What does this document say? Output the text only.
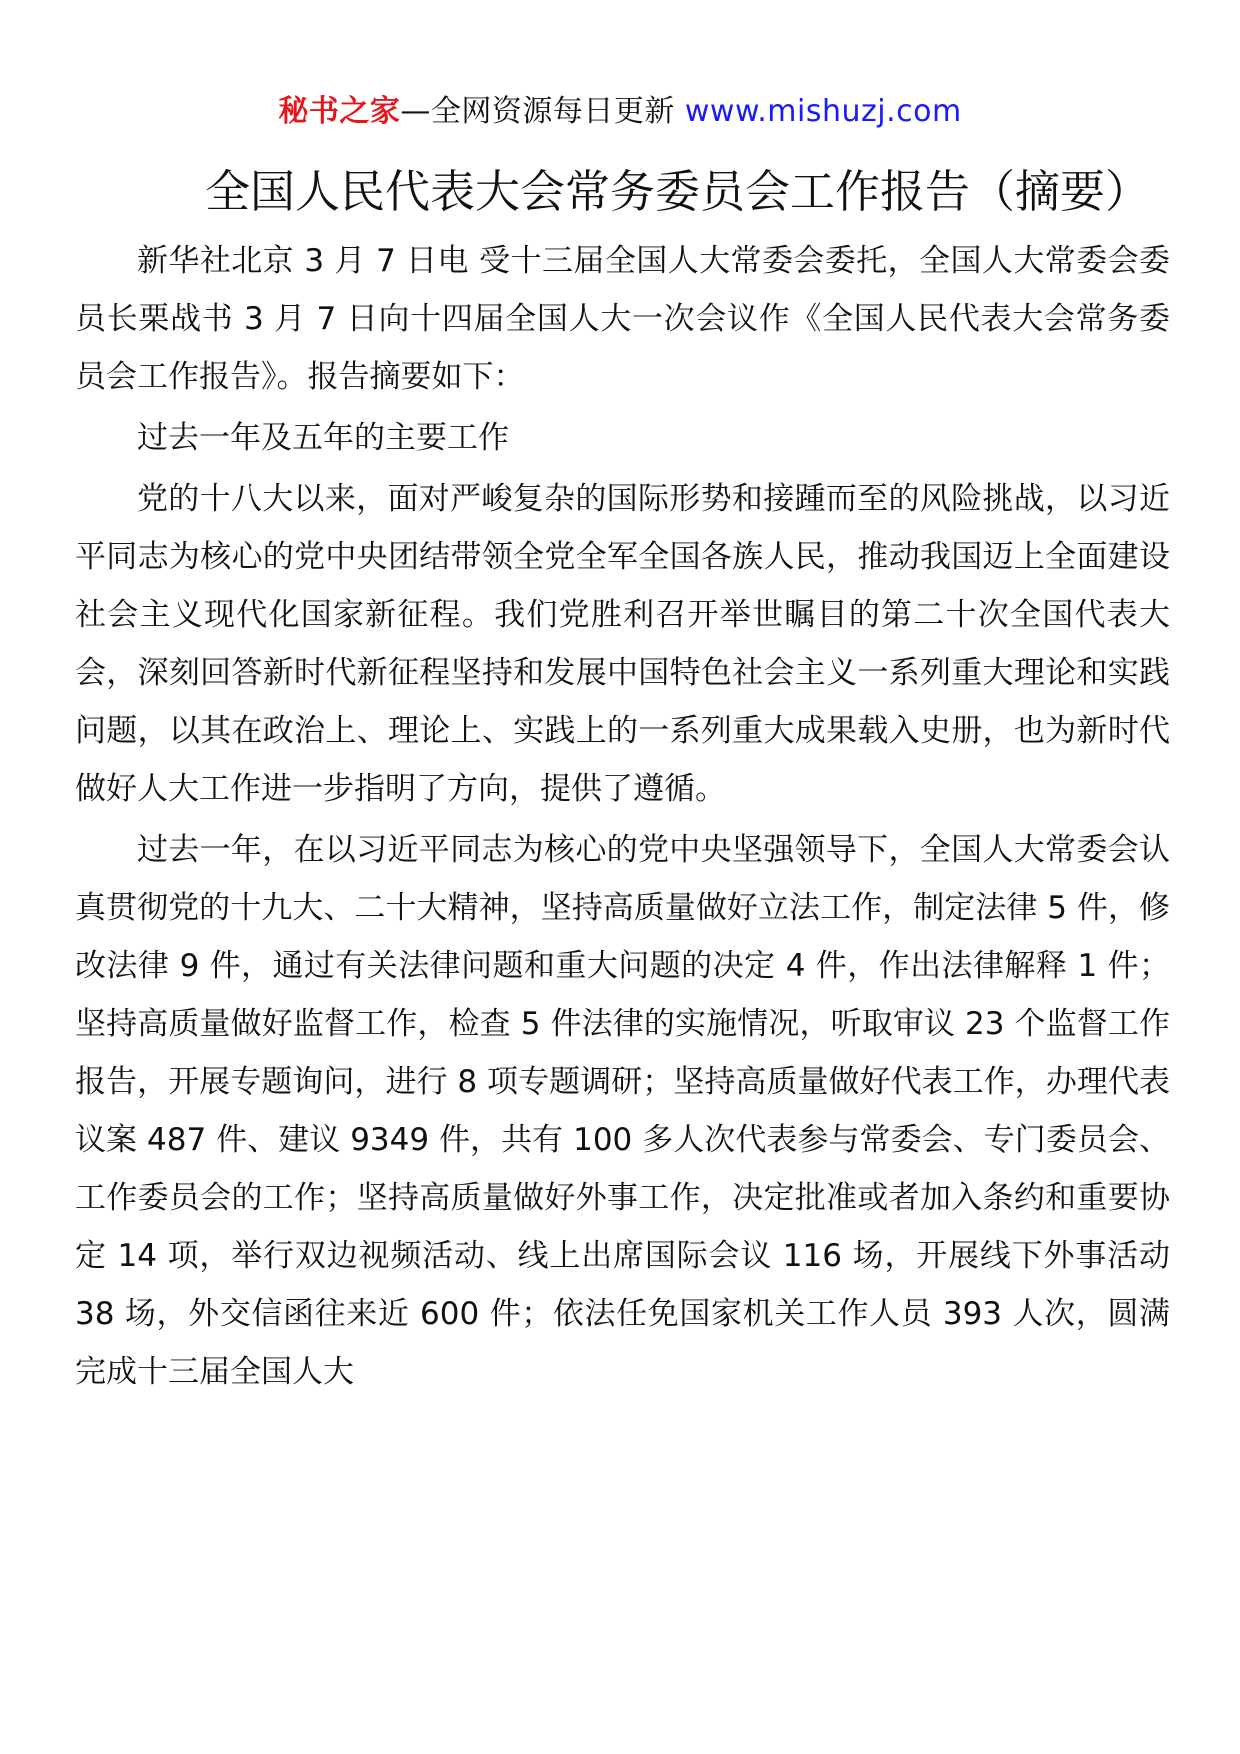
秘书之家—全网资源每日更新 www.mishuzj.com
全国人民代表大会常务委员会工作报告（摘要）

新华社北京 3 月 7 日电 受十三届全国人大常委会委托，全国人大常委会委员长栗战书 3 月 7 日向十四届全国人大一次会议作《全国人民代表大会常务委员会工作报告》。报告摘要如下：

过去一年及五年的主要工作

党的十八大以来，面对严峻复杂的国际形势和接踵而至的风险挑战，以习近平同志为核心的党中央团结带领全党全军全国各族人民，推动我国迈上全面建设社会主义现代化国家新征程。我们党胜利召开举世瞩目的第二十次全国代表大会，深刻回答新时代新征程坚持和发展中国特色社会主义一系列重大理论和实践问题，以其在政治上、理论上、实践上的一系列重大成果载入史册，也为新时代做好人大工作进一步指明了方向，提供了遵循。

过去一年，在以习近平同志为核心的党中央坚强领导下，全国人大常委会认真贯彻党的十九大、二十大精神，坚持高质量做好立法工作，制定法律 5 件，修改法律 9 件，通过有关法律问题和重大问题的决定 4 件，作出法律解释 1 件；坚持高质量做好监督工作，检查 5 件法律的实施情况，听取审议 23 个监督工作报告，开展专题询问，进行 8 项专题调研；坚持高质量做好代表工作，办理代表议案 487 件、建议 9349 件，共有 100 多人次代表参与常委会、专门委员会、工作委员会的工作；坚持高质量做好外事工作，决定批准或者加入条约和重要协定 14 项，举行双边视频活动、线上出席国际会议 116 场，开展线下外事活动 38 场，外交信函往来近 600 件；依法任免国家机关工作人员 393 人次，圆满完成十三届全国人大
